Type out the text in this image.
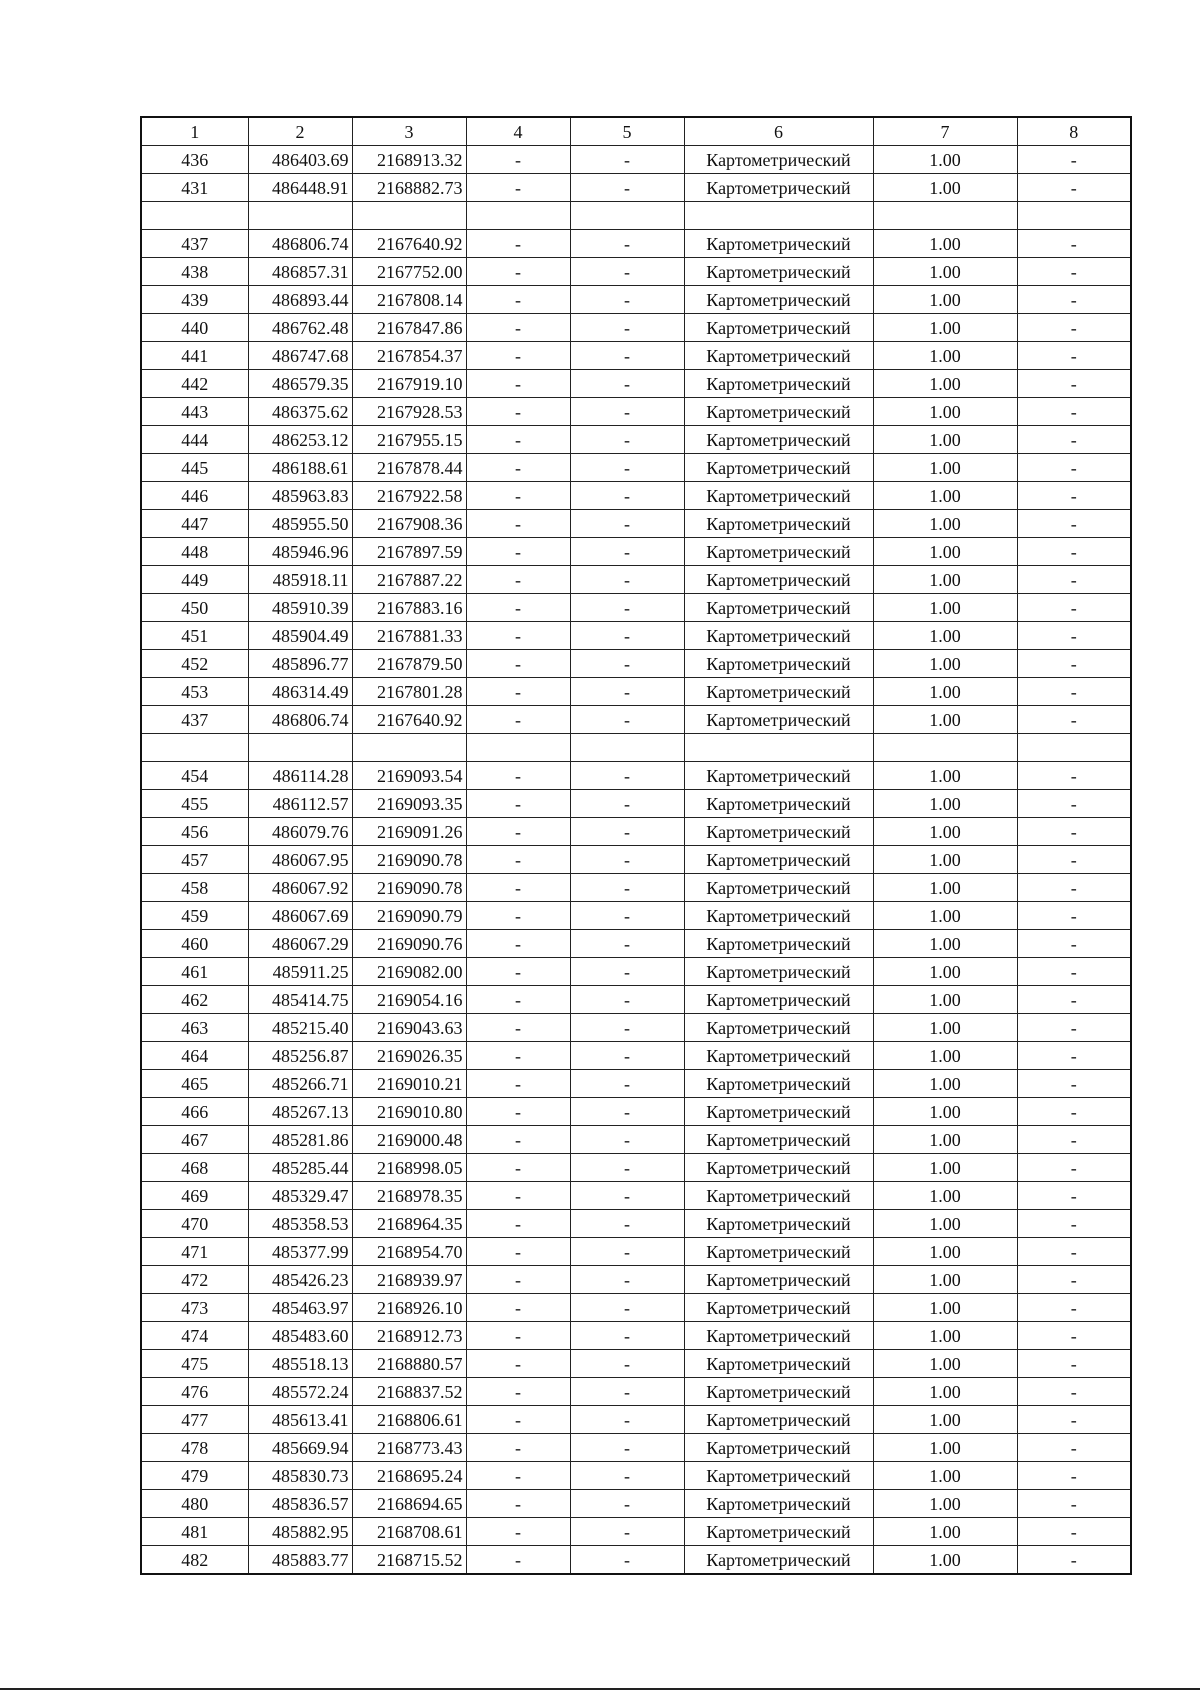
1	2	3	4	5	6	7	8
436	486403.69	2168913.32	-	-	Картометрический	1.00	-
431	486448.91	2168882.73	-	-	Картометрический	1.00	-

437	486806.74	2167640.92	-	-	Картометрический	1.00	-
438	486857.31	2167752.00	-	-	Картометрический	1.00	-
439	486893.44	2167808.14	-	-	Картометрический	1.00	-
440	486762.48	2167847.86	-	-	Картометрический	1.00	-
441	486747.68	2167854.37	-	-	Картометрический	1.00	-
442	486579.35	2167919.10	-	-	Картометрический	1.00	-
443	486375.62	2167928.53	-	-	Картометрический	1.00	-
444	486253.12	2167955.15	-	-	Картометрический	1.00	-
445	486188.61	2167878.44	-	-	Картометрический	1.00	-
446	485963.83	2167922.58	-	-	Картометрический	1.00	-
447	485955.50	2167908.36	-	-	Картометрический	1.00	-
448	485946.96	2167897.59	-	-	Картометрический	1.00	-
449	485918.11	2167887.22	-	-	Картометрический	1.00	-
450	485910.39	2167883.16	-	-	Картометрический	1.00	-
451	485904.49	2167881.33	-	-	Картометрический	1.00	-
452	485896.77	2167879.50	-	-	Картометрический	1.00	-
453	486314.49	2167801.28	-	-	Картометрический	1.00	-
437	486806.74	2167640.92	-	-	Картометрический	1.00	-

454	486114.28	2169093.54	-	-	Картометрический	1.00	-
455	486112.57	2169093.35	-	-	Картометрический	1.00	-
456	486079.76	2169091.26	-	-	Картометрический	1.00	-
457	486067.95	2169090.78	-	-	Картометрический	1.00	-
458	486067.92	2169090.78	-	-	Картометрический	1.00	-
459	486067.69	2169090.79	-	-	Картометрический	1.00	-
460	486067.29	2169090.76	-	-	Картометрический	1.00	-
461	485911.25	2169082.00	-	-	Картометрический	1.00	-
462	485414.75	2169054.16	-	-	Картометрический	1.00	-
463	485215.40	2169043.63	-	-	Картометрический	1.00	-
464	485256.87	2169026.35	-	-	Картометрический	1.00	-
465	485266.71	2169010.21	-	-	Картометрический	1.00	-
466	485267.13	2169010.80	-	-	Картометрический	1.00	-
467	485281.86	2169000.48	-	-	Картометрический	1.00	-
468	485285.44	2168998.05	-	-	Картометрический	1.00	-
469	485329.47	2168978.35	-	-	Картометрический	1.00	-
470	485358.53	2168964.35	-	-	Картометрический	1.00	-
471	485377.99	2168954.70	-	-	Картометрический	1.00	-
472	485426.23	2168939.97	-	-	Картометрический	1.00	-
473	485463.97	2168926.10	-	-	Картометрический	1.00	-
474	485483.60	2168912.73	-	-	Картометрический	1.00	-
475	485518.13	2168880.57	-	-	Картометрический	1.00	-
476	485572.24	2168837.52	-	-	Картометрический	1.00	-
477	485613.41	2168806.61	-	-	Картометрический	1.00	-
478	485669.94	2168773.43	-	-	Картометрический	1.00	-
479	485830.73	2168695.24	-	-	Картометрический	1.00	-
480	485836.57	2168694.65	-	-	Картометрический	1.00	-
481	485882.95	2168708.61	-	-	Картометрический	1.00	-
482	485883.77	2168715.52	-	-	Картометрический	1.00	-
